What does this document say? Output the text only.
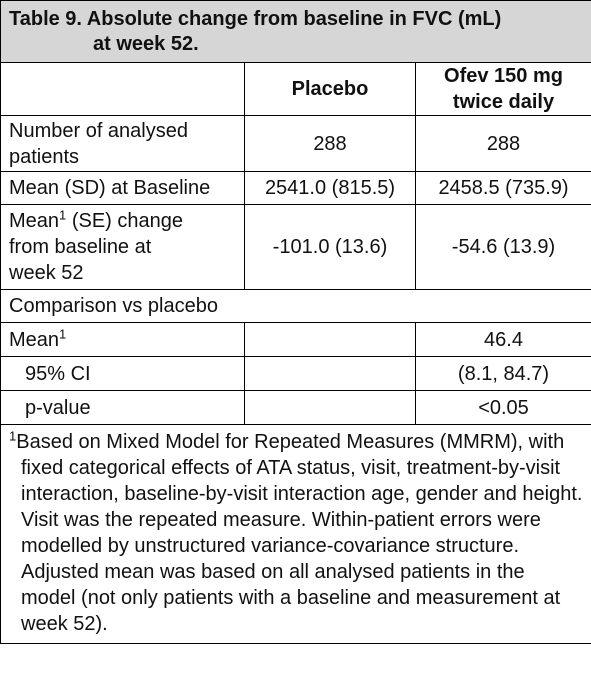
Table 9. Absolute change from baseline in FVC (mL)
at week 52.		

	Placebo	Ofev 150 mg
twice daily
Number of analysed
patients	288	288
Mean (SD) at Baseline	2541.0 (815.5)	2458.5 (735.9)
Mean$^1$ (SE) change
from baseline at
week 52	-101.0 (13.6)	-54.6 (13.9)
Comparison vs placebo		
Mean$^1$		46.4
95% CI		(8.1, 84.7)
p-value		<0.05

$^1$Based on Mixed Model for Repeated Measures (MMRM), with fixed categorical effects of ATA status, visit, treatment-by-visit interaction, baseline-by-visit interaction age, gender and height. Visit was the repeated measure. Within-patient errors were modelled by unstructured variance-covariance structure. Adjusted mean was based on all analysed patients in the model (not only patients with a baseline and measurement at week 52).		
